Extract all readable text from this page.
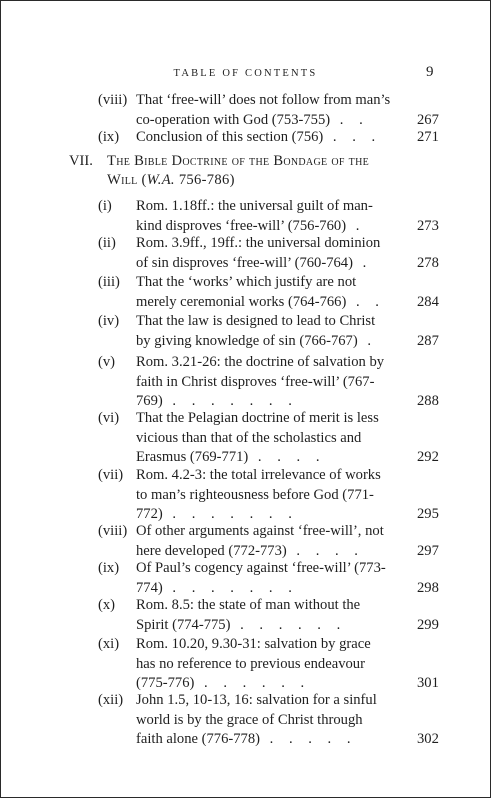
TABLE OF CONTENTS	9
VII. The Bible Doctrine of the Bondage of the
Will (W.A. 756-786)
(viii) That ‘free-will’ does not follow from man’s
co-operation with God (753-755) . .	267
(ix) Conclusion of this section (756) . . .	271
(i) Rom. 1.18ff.: the universal guilt of man-
kind disproves ‘free-will’ (756-760) .	273
(ii) Rom. 3.9ff., 19ff.: the universal dominion
of sin disproves ‘free-will’ (760-764) .	278
(iii) That the ‘works’ which justify are not
merely ceremonial works (764-766) . .	284
(iv) That the law is designed to lead to Christ
by giving knowledge of sin (766-767) .	287
(v) Rom. 3.21-26: the doctrine of salvation by
faith in Christ disproves ‘free-will’ (767-
769) . . . . . . .	288
(vi) That the Pelagian doctrine of merit is less
vicious than that of the scholastics and
Erasmus (769-771) . . . .	292
(vii) Rom. 4.2-3: the total irrelevance of works
to man’s righteousness before God (771-
772) . . . . . . .	295
(viii) Of other arguments against ‘free-will’, not
here developed (772-773) . . . .	297
(ix) Of Paul’s cogency against ‘free-will’ (773-
774) . . . . . . .	298
(x) Rom. 8.5: the state of man without the
Spirit (774-775) . . . . . .	299
(xi) Rom. 10.20, 9.30-31: salvation by grace
has no reference to previous endeavour
(775-776) . . . . . .	301
(xii) John 1.5, 10-13, 16: salvation for a sinful
world is by the grace of Christ through
faith alone (776-778) . . . . .	302
